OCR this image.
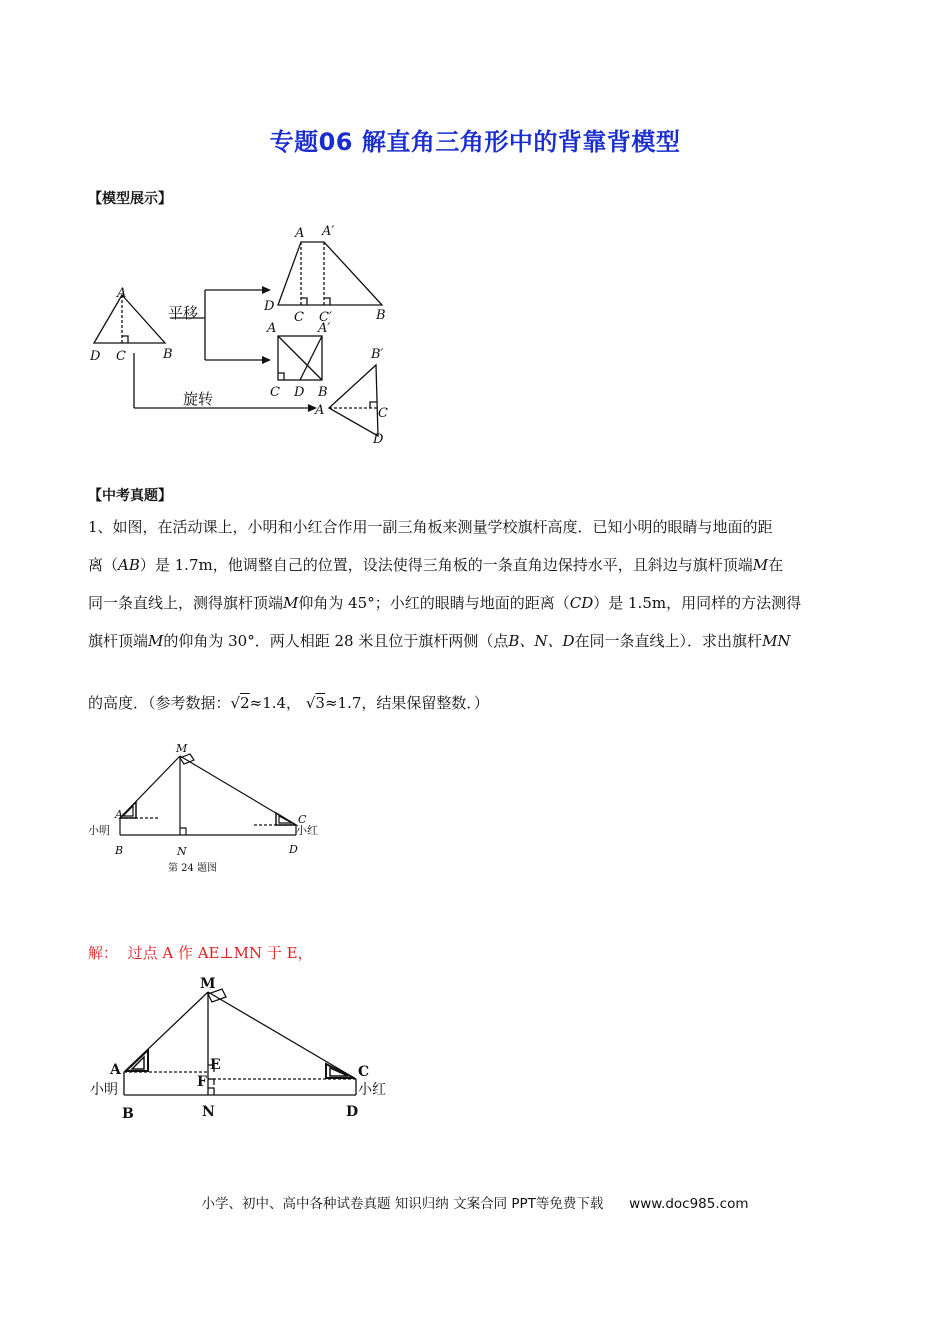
专题06 解直角三角形中的背靠背模型
【模型展示】
A
D C	B
A A′
D
C C′	B
A	A′
C D B
B′
A	C
D
平移
旋转
【中考真题】
1、如图，在活动课上，小明和小红合作用一副三角板来测量学校旗杆高度．已知小明的眼睛与地面的距
离（AB）是 1.7m，他调整自己的位置，设法使得三角板的一条直角边保持水平，且斜边与旗杆顶端M在
同一条直线上，测得旗杆顶端M仰角为 45°；小红的眼睛与地面的距离（CD）是 1.5m，用同样的方法测得
旗杆顶端M的仰角为 30°．两人相距 28 米且位于旗杆两侧（点B、N、D在同一条直线上）．求出旗杆MN
的高度．（参考数据：√2≈1.4， √3≈1.7，结果保留整数．）
M
A	C
B	N	D
小明	小红
第 24 题图
解： 过点 A 作 AE⊥MN 于 E，
M
A	C
E
F
B	N	D
小明	小红
小学、初中、高中各种试卷真题 知识归纳 文案合同 PPT等免费下载 www.doc985.com
